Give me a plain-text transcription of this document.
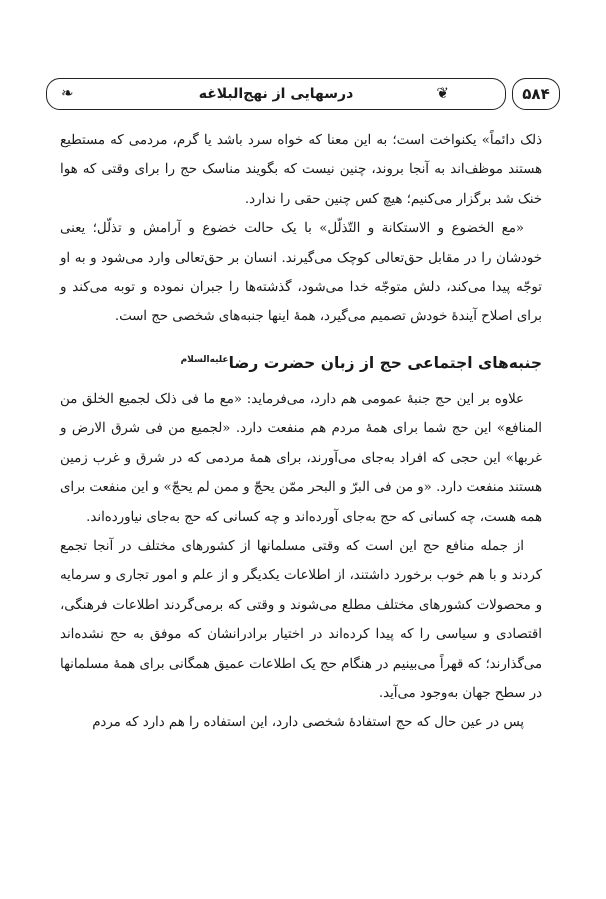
۵۸۴
❦
درسهایی از نهج‌البلاغه
❧

ذلک دائماً» یکنواخت است؛ به این معنا که خواه سرد باشد یا گرم، مردمی که مستطیع هستند موظف‌اند به آنجا بروند، چنین نیست که بگویند مناسک حج را برای وقتی که هوا خنک شد برگزار می‌کنیم؛ هیچ کس چنین حقی را ندارد.

«مع الخضوع و الاستکانة و التّذلّل» با یک حالت خضوع و آرامش و تذلّل؛ یعنی خودشان را در مقابل حق‌تعالی کوچک می‌گیرند. انسان بر حق‌تعالی وارد می‌شود و به او توجّه پیدا می‌کند، دلش متوجّه خدا می‌شود، گذشته‌ها را جبران نموده و توبه می‌کند و برای اصلاح آیندهٔ خودش تصمیم می‌گیرد، همهٔ اینها جنبه‌های شخصی حج است.

جنبه‌های اجتماعی حج از زبان حضرت رضا$^{علیه‌السلام}$

علاوه بر این حج جنبهٔ عمومی هم دارد، می‌فرماید: «مع ما فی ذلک لجمیع الخلق من المنافع» این حج شما برای همهٔ مردم هم منفعت دارد. «لجمیع من فی شرق الارض و غربها» این حجی که افراد به‌جای می‌آورند، برای همهٔ مردمی که در شرق و غرب زمین هستند منفعت دارد. «و من فی البرّ و البحر ممّن یحجّ و ممن لم یحجّ» و این منفعت برای همه هست، چه کسانی که حج به‌جای آورده‌اند و چه کسانی که حج به‌جای نیاورده‌اند.

از جمله منافع حج این است که وقتی مسلمانها از کشورهای مختلف در آنجا تجمع کردند و با هم خوب برخورد داشتند، از اطلاعات یکدیگر و از علم و امور تجاری و سرمایه و محصولات کشورهای مختلف مطلع می‌شوند و وقتی که برمی‌گردند اطلاعات فرهنگی، اقتصادی و سیاسی را که پیدا کرده‌اند در اختیار برادرانشان که موفق به حج نشده‌اند می‌گذارند؛ که قهراً می‌بینیم در هنگام حج یک اطلاعات عمیق همگانی برای همهٔ مسلمانها در سطح جهان به‌وجود می‌آید.

پس در عین حال که حج استفادهٔ شخصی دارد، این استفاده را هم دارد که مردم
